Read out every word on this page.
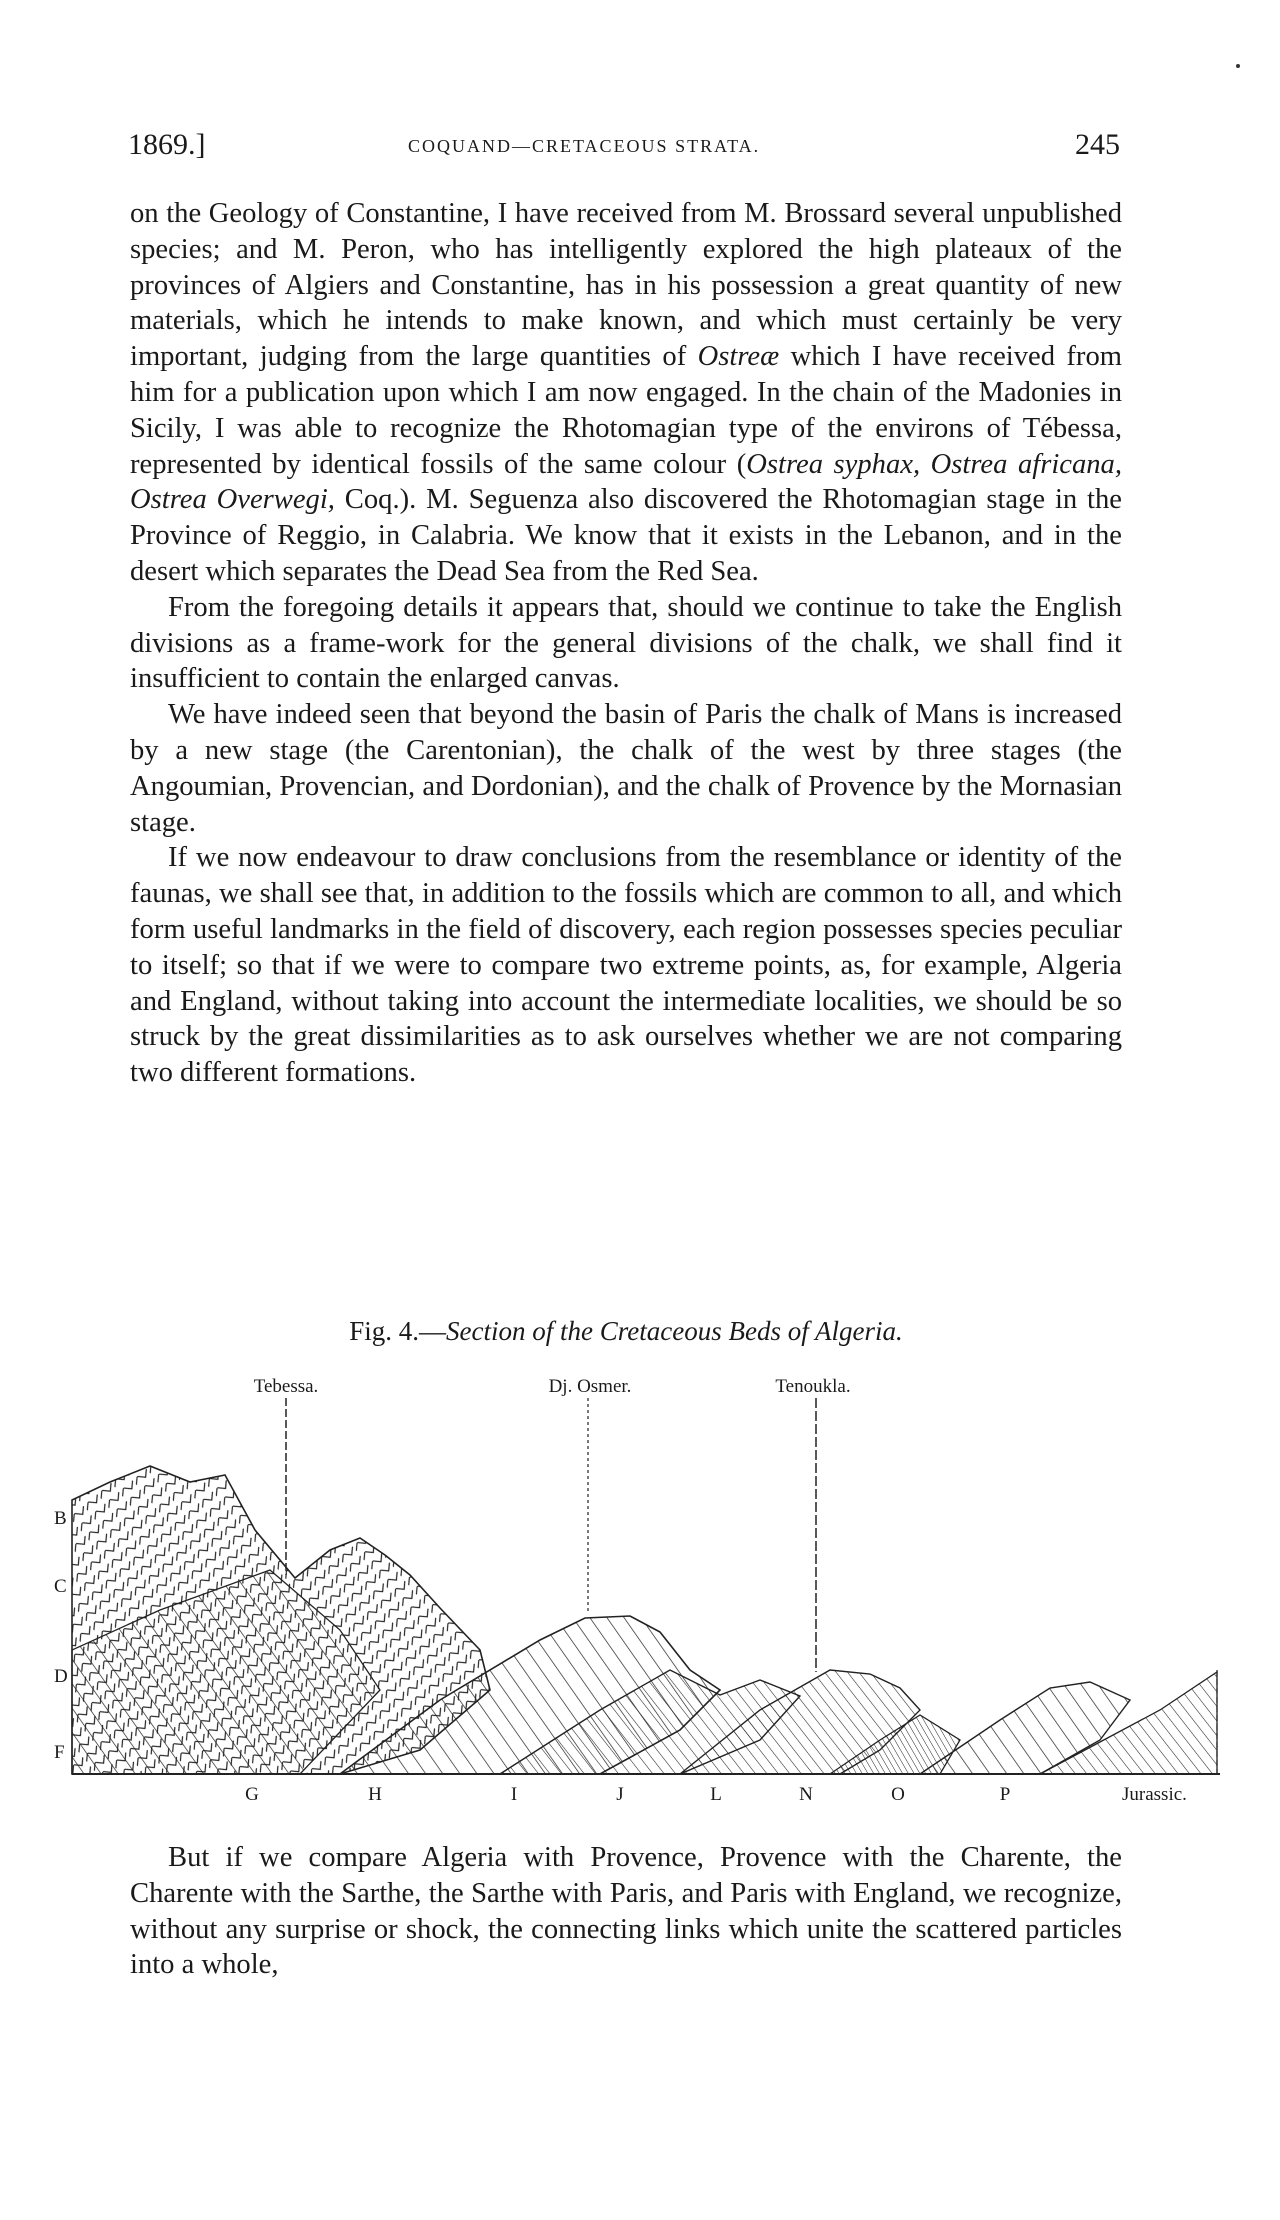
1869.]	COQUAND—CRETACEOUS STRATA.	245

on the Geology of Constantine, I have received from M. Brossard several unpublished species; and M. Peron, who has intelligently explored the high plateaux of the provinces of Algiers and Constantine, has in his possession a great quantity of new materials, which he intends to make known, and which must certainly be very important, judging from the large quantities of Ostreæ which I have received from him for a publication upon which I am now engaged. In the chain of the Madonies in Sicily, I was able to recognize the Rhotomagian type of the environs of Tébessa, represented by identical fossils of the same colour (Ostrea syphax, Ostrea africana, Ostrea Overwegi, Coq.). M. Seguenza also discovered the Rhotomagian stage in the Province of Reggio, in Calabria. We know that it exists in the Lebanon, and in the desert which separates the Dead Sea from the Red Sea.

From the foregoing details it appears that, should we continue to take the English divisions as a frame-work for the general divisions of the chalk, we shall find it insufficient to contain the enlarged canvas.

We have indeed seen that beyond the basin of Paris the chalk of Mans is increased by a new stage (the Carentonian), the chalk of the west by three stages (the Angoumian, Provencian, and Dordonian), and the chalk of Provence by the Mornasian stage.

If we now endeavour to draw conclusions from the resemblance or identity of the faunas, we shall see that, in addition to the fossils which are common to all, and which form useful landmarks in the field of discovery, each region possesses species peculiar to itself; so that if we were to compare two extreme points, as, for example, Algeria and England, without taking into account the intermediate localities, we should be so struck by the great dissimilarities as to ask ourselves whether we are not comparing two different formations.

Fig. 4.—Section of the Cretaceous Beds of Algeria.
Tebessa.	Dj. Osmer.	Tenoukla.
B
C
D
F
G	H	I	J	L	N	O	P	Jurassic.

But if we compare Algeria with Provence, Provence with the Charente, the Charente with the Sarthe, the Sarthe with Paris, and Paris with England, we recognize, without any surprise or shock, the connecting links which unite the scattered particles into a whole,
